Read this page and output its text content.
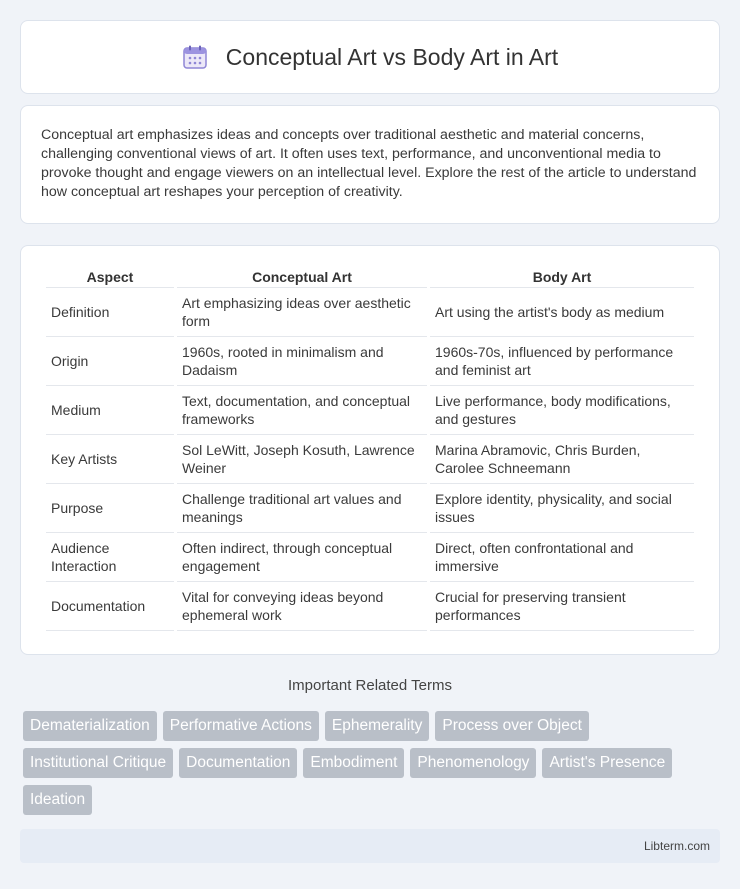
Conceptual Art vs Body Art in Art

Conceptual art emphasizes ideas and concepts over traditional aesthetic and material concerns, challenging conventional views of art. It often uses text, performance, and unconventional media to provoke thought and engage viewers on an intellectual level. Explore the rest of the article to understand how conceptual art reshapes your perception of creativity.

Aspect	Conceptual Art	Body Art
Definition	Art emphasizing ideas over aesthetic form	Art using the artist's body as medium
Origin	1960s, rooted in minimalism and Dadaism	1960s-70s, influenced by performance and feminist art
Medium	Text, documentation, and conceptual frameworks	Live performance, body modifications, and gestures
Key Artists	Sol LeWitt, Joseph Kosuth, Lawrence Weiner	Marina Abramovic, Chris Burden, Carolee Schneemann
Purpose	Challenge traditional art values and meanings	Explore identity, physicality, and social issues
Audience Interaction	Often indirect, through conceptual engagement	Direct, often confrontational and immersive
Documentation	Vital for conveying ideas beyond ephemeral work	Crucial for preserving transient performances
Important Related Terms
Dematerialization	Performative Actions	Ephemerality	Process over Object
Institutional Critique	Documentation	Embodiment	Phenomenology	Artist's Presence
Ideation
Libterm.com
